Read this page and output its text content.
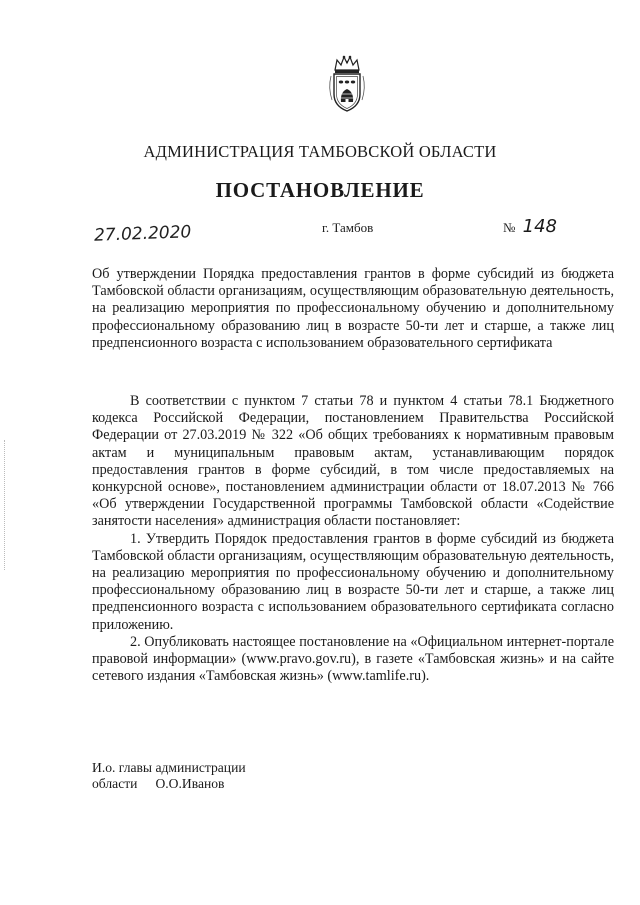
АДМИНИСТРАЦИЯ ТАМБОВСКОЙ ОБЛАСТИ
ПОСТАНОВЛЕНИЕ
27.02.2020	г. Тамбов	№ 148
Об утверждении Порядка предоставления грантов в форме субсидий из бюджета Тамбовской области организациям, осуществляющим образовательную деятельность, на реализацию мероприятия по профессиональному обучению и дополнительному профессиональному образованию лиц в возрасте 50-ти лет и старше, а также лиц предпенсионного возраста с использованием образовательного сертификата

В соответствии с пунктом 7 статьи 78 и пунктом 4 статьи 78.1 Бюджетного кодекса Российской Федерации, постановлением Правительства Российской Федерации от 27.03.2019 № 322 «Об общих требованиях к нормативным правовым актам и муниципальным правовым актам, устанавливающим порядок предоставления грантов в форме субсидий, в том числе предоставляемых на конкурсной основе», постановлением администрации области от 18.07.2013 № 766 «Об утверждении Государственной программы Тамбовской области «Содействие занятости населения» администрация области постановляет:

1. Утвердить Порядок предоставления грантов в форме субсидий из бюджета Тамбовской области организациям, осуществляющим образовательную деятельность, на реализацию мероприятия по профессиональному обучению и дополнительному профессиональному образованию лиц в возрасте 50-ти лет и старше, а также лиц предпенсионного возраста с использованием образовательного сертификата согласно приложению.

2. Опубликовать настоящее постановление на «Официальном интернет-портале правовой информации» (www.pravo.gov.ru), в газете «Тамбовская жизнь» и на сайте сетевого издания «Тамбовская жизнь» (www.tamlife.ru).

И.о. главы администрации
области О.О.Иванов
